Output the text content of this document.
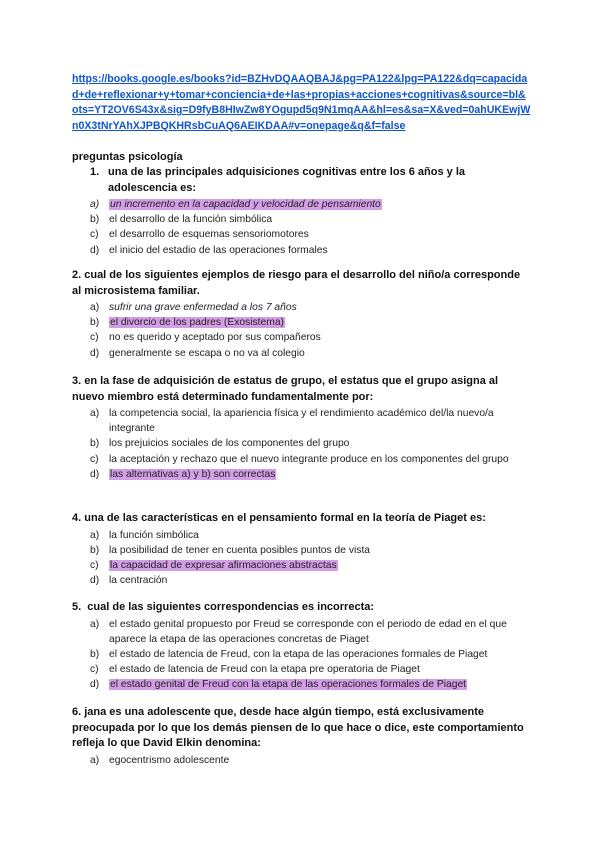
https://books.google.es/books?id=BZHvDQAAQBAJ&pg=PA122&lpg=PA122&dq=capacidad+de+reflexionar+y+tomar+conciencia+de+las+propias+acciones+cognitivas&source=bl&ots=YT2OV6S43x&sig=D9fyB8HIwZw8YOgupd5q9N1mqAA&hl=es&sa=X&ved=0ahUKEwjWn0X3tNrYAhXJPBQKHRsbCuAQ6AEIKDAA#v=onepage&q&f=false
preguntas psicología
1. una de las principales adquisiciones cognitivas entre los 6 años y la adolescencia es:
a) un incremento en la capacidad y velocidad de pensamiento
b) el desarrollo de la función simbólica
c) el desarrollo de esquemas sensoriomotores
d) el inicio del estadio de las operaciones formales
2. cual de los siguientes ejemplos de riesgo para el desarrollo del niño/a corresponde al microsistema familiar.
a) sufrir una grave enfermedad a los 7 años
b) el divorcio de los padres (Exosistema)
c) no es querido y aceptado por sus compañeros
d) generalmente se escapa o no va al colegio
3. en la fase de adquisición de estatus de grupo, el estatus que el grupo asigna al nuevo miembro está determinado fundamentalmente por:
a) la competencia social, la apariencia física y el rendimiento académico del/la nuevo/a integrante
b) los prejuicios sociales de los componentes del grupo
c) la aceptación y rechazo que el nuevo integrante produce en los componentes del grupo
d) las alternativas a) y b) son correctas
4. una de las características en el pensamiento formal en la teoría de Piaget es:
a) la función simbólica
b) la posibilidad de tener en cuenta posibles puntos de vista
c) la capacidad de expresar afirmaciones abstractas
d) la centración
5.  cual de las siguientes correspondencias es incorrecta:
a) el estado genital propuesto por Freud se corresponde con el periodo de edad en el que aparece la etapa de las operaciones concretas de Piaget
b) el estado de latencia de Freud, con la etapa de las operaciones formales de Piaget
c) el estado de latencia de Freud con la etapa pre operatoria de Piaget
d) el estado genital de Freud con la etapa de las operaciones formales de Piaget
6. jana es una adolescente que, desde hace algún tiempo, está exclusivamente preocupada por lo que los demás piensen de lo que hace o dice, este comportamiento refleja lo que David Elkin denomina:
a) egocentrismo adolescente
